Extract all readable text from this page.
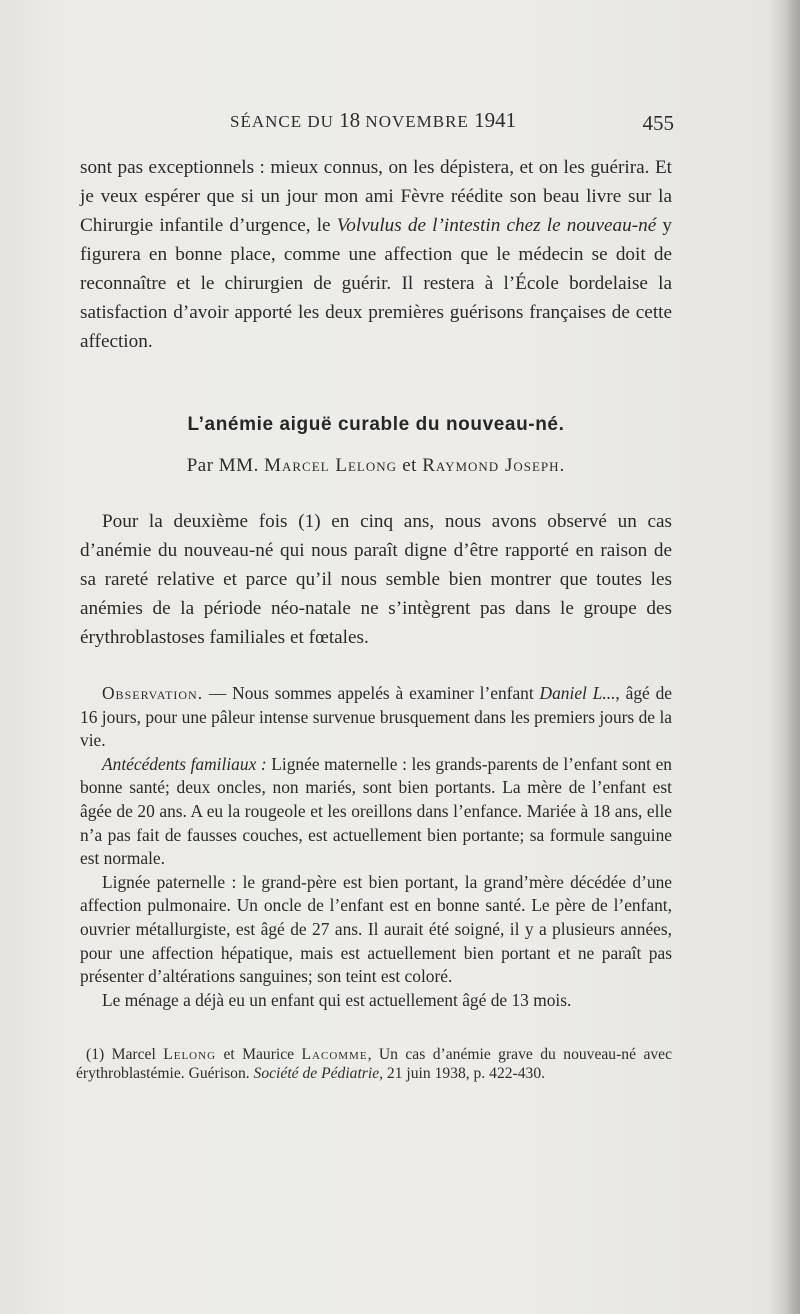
SÉANCE DU 18 NOVEMBRE 1941	455

sont pas exceptionnels : mieux connus, on les dépistera, et on les guérira. Et je veux espérer que si un jour mon ami Fèvre réédite son beau livre sur la Chirurgie infantile d’urgence, le Volvulus de l’intestin chez le nouveau-né y figurera en bonne place, comme une affection que le médecin se doit de reconnaître et le chirurgien de guérir. Il restera à l’École bordelaise la satisfaction d’avoir apporté les deux premières guérisons françaises de cette affection.

L’anémie aiguë curable du nouveau-né.
Par MM. Marcel Lelong et Raymond Joseph.

Pour la deuxième fois (1) en cinq ans, nous avons observé un cas d’anémie du nouveau-né qui nous paraît digne d’être rapporté en raison de sa rareté relative et parce qu’il nous semble bien montrer que toutes les anémies de la période néo-natale ne s’intègrent pas dans le groupe des érythroblastoses familiales et fœtales.

Observation. — Nous sommes appelés à examiner l’enfant Daniel L..., âgé de 16 jours, pour une pâleur intense survenue brusquement dans les premiers jours de la vie.

Antécédents familiaux : Lignée maternelle : les grands-parents de l’enfant sont en bonne santé; deux oncles, non mariés, sont bien portants. La mère de l’enfant est âgée de 20 ans. A eu la rougeole et les oreillons dans l’enfance. Mariée à 18 ans, elle n’a pas fait de fausses couches, est actuellement bien portante; sa formule sanguine est normale.

Lignée paternelle : le grand-père est bien portant, la grand’mère décédée d’une affection pulmonaire. Un oncle de l’enfant est en bonne santé. Le père de l’enfant, ouvrier métallurgiste, est âgé de 27 ans. Il aurait été soigné, il y a plusieurs années, pour une affection hépatique, mais est actuellement bien portant et ne paraît pas présenter d’altérations sanguines; son teint est coloré.

Le ménage a déjà eu un enfant qui est actuellement âgé de 13 mois.

(1) Marcel Lelong et Maurice Lacomme, Un cas d’anémie grave du nouveau-né avec érythroblastémie. Guérison. Société de Pédiatrie, 21 juin 1938, p. 422-430.
